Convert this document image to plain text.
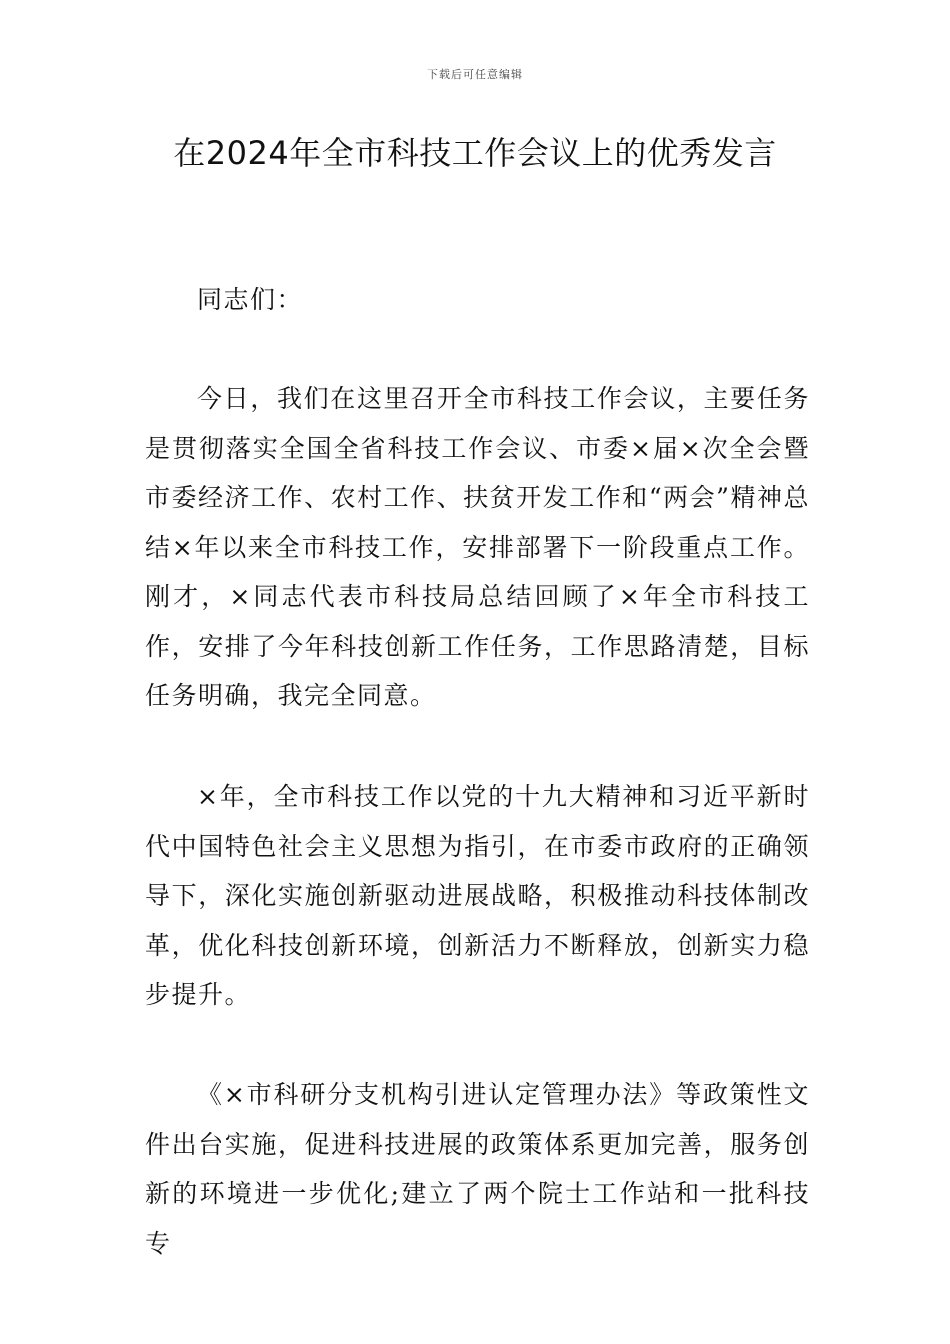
下载后可任意编辑
在2024年全市科技工作会议上的优秀发言

同志们：

今日，我们在这里召开全市科技工作会议，主要任务是贯彻落实全国全省科技工作会议、市委×届×次全会暨市委经济工作、农村工作、扶贫开发工作和“两会”精神总结×年以来全市科技工作，安排部署下一阶段重点工作。刚才，×同志代表市科技局总结回顾了×年全市科技工作，安排了今年科技创新工作任务，工作思路清楚，目标任务明确，我完全同意。

×年，全市科技工作以党的十九大精神和习近平新时代中国特色社会主义思想为指引，在市委市政府的正确领导下，深化实施创新驱动进展战略，积极推动科技体制改革，优化科技创新环境，创新活力不断释放，创新实力稳步提升。

《×市科研分支机构引进认定管理办法》等政策性文件出台实施，促进科技进展的政策体系更加完善，服务创新的环境进一步优化;建立了两个院士工作站和一批科技专
